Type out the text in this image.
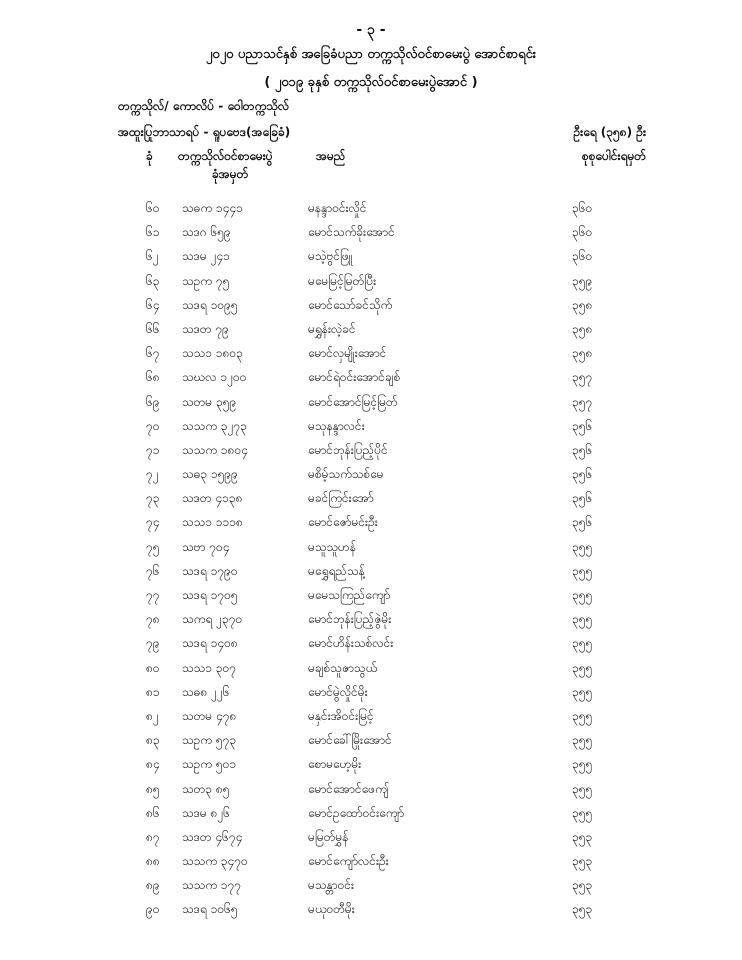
- ၃ -
၂၀၂၀ ပညာသင်နှစ် အခြေခံပညာ တက္ကသိုလ်ဝင်စာမေးပွဲ အောင်စာရင်း
( ၂၀၁၉ ခုနှစ် တက္ကသိုလ်ဝင်စာမေးပွဲအောင် )
တက္ကသိုလ်/ ကောလိပ် - ဝေါတက္ကသိုလ်
အထူးပြုဘာသာရပ် - ရူပဗေဒ(အခြေခံ)	ဦးရေ (၃၅၈) ဦး
ခုံ တက္ကသိုလ်ဝင်စာမေးပွဲ
ခုံအမှတ်
အမည်	စုစုပေါင်းရမှတ်
၆၀ သဓက ၁၄၄၁	မနန္ဒာဝင်းလှိုင်	၃၆၀
၆၁ သဒဂ ၆၅၉	မောင်သက်ခိုးအောင်	၃၆၀
၆၂ သဒမ ၂၄၁	မသဲ့ဗွင်ဖြူ	၃၆၀
၆၃ သဥက ၇၅	မမေမြင့်မြတ်ပြီး	၃၅၉
၆၄ သဒရ ၁၀၉၅	မောင်သော်ခင်သိုက်	၃၅၈
၆၆ သဒတ ၇၉	မရွှန်းလဲ့ခင်	၃၅၈
၆၇ သသ၁ ၁၈၀၃	မောင်လှမျိုးအောင်	၃၅၈
၆၈ သဃလ ၁၂၀၀	မောင်ရဲဝင်းအောင်ချစ်	၃၅၇
၆၉ သတမ ၃၅၉	မောင်အောင်မြင့်မြတ်	၃၅၇
၇၀ သသက ၃၂၇၃	မသုနန္ဒာလင်း	၃၅၆
၇၁ သသက ၁၈၀၄	မောင်ဘုန်းပြည့်ပိုင်	၃၅၆
၇၂ သဓ၃ ၁၅၉၉	မစိမ့်သက်သစ်မေ	၃၅၆
၇၃ သဒတ ၄၁၃၈	မခင်ကြင်းအော်	၃၅၆
၇၄ သသ၁ ၁၁၁၈	မောင်ဇော်မင်းဦး	၃၅၆
၇၅ သဗာ ၇၀၄	မသူသူဟန်	၃၅၅
၇၆ သဒရ ၁၇၉၀	မရွှေရည်သန့်	၃၅၅
၇၇ သဒရ ၁၇၀၅	မမေသကြည်ကျော်	၃၅၅
၇၈ သကရ ၂၃၇၀	မောင်ဘုန်းပြည့်ဇွဲမိုး	၃၅၅
၇၉ သဒရ ၁၄၀၈	မောင်ဟိန်းသစ်လင်း	၃၅၅
၈၀ သသ၁ ၃၀၇	မချစ်သူဇာသွယ်	၃၅၅
၈၁ သဓ၈ ၂၂၆	မောင်မွဲလှိုင်မိုး	၃၅၅
၈၂ သတမ ၄၇၈	မနှင်းအိဝင်းမြင့်	၃၅၅
၈၃ သဥက ၅၇၃	မောင်ခေါ်မြိုးအောင်	၃၅၅
၈၄ သဥက ၅၀၁	စောမဟေ့မိုး	၃၅၅
၈၅ သတ၃ ၈၅	မောင်အောင်ဖေကျ်	၃၅၅
၈၆ သဒမ ၈၂၆	မောင်ဥထော်ဝင်းကျော်	၃၅၅
၈၇ သဒတ ၄၆၇၄	မမြတ်မွှန်	၃၅၃
၈၈ သသက ၃၄၇၀	မောင်ကျော်လင်းဦး	၃၅၃
၈၉ သသက ၁၇၇	မသန္တာဝင်း	၃၅၃
၉၀ သဒရ ၁၀၆၅	မယုဝတီမိုး	၃၅၃
